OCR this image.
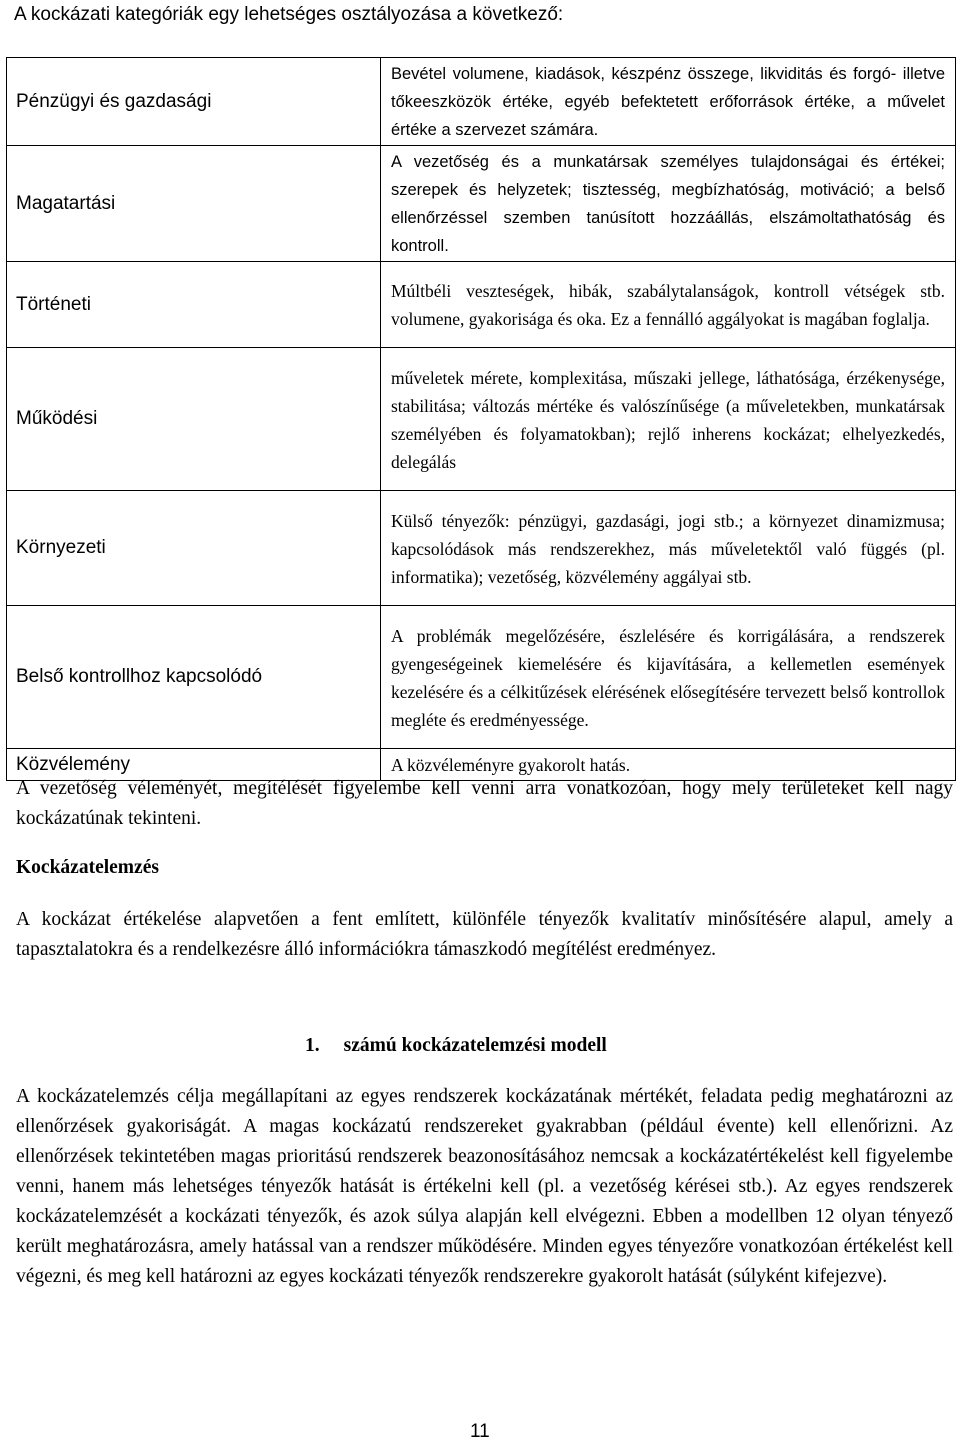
A kockázati kategóriák egy lehetséges osztályozása a következő:
Pénzügyi és gazdasági	Bevétel volumene, kiadások, készpénz összege, likviditás és forgó- illetve tőkeeszközök értéke, egyéb befektetett erőforrások értéke, a művelet értéke a szervezet számára.
Magatartási	A vezetőség és a munkatársak személyes tulajdonságai és értékei; szerepek és helyzetek; tisztesség, megbízhatóság, motiváció; a belső ellenőrzéssel szemben tanúsított hozzáállás, elszámoltathatóság és kontroll.
Történeti	Múltbéli veszteségek, hibák, szabálytalanságok, kontroll vétségek stb. volumene, gyakorisága és oka. Ez a fennálló aggályokat is magában foglalja.
Működési	műveletek mérete, komplexitása, műszaki jellege, láthatósága, érzékenysége, stabilitása; változás mértéke és valószínűsége (a műveletekben, munkatársak személyében és folyamatokban); rejlő inherens kockázat; elhelyezkedés, delegálás
Környezeti	Külső tényezők: pénzügyi, gazdasági, jogi stb.; a környezet dinamizmusa; kapcsolódások más rendszerekhez, más műveletektől való függés (pl. informatika); vezetőség, közvélemény aggályai stb.
Belső kontrollhoz kapcsolódó	A problémák megelőzésére, észlelésére és korrigálására, a rendszerek gyengeségeinek kiemelésére és kijavítására, a kellemetlen események kezelésére és a célkitűzések elérésének elősegítésére tervezett belső kontrollok megléte és eredményessége.
Közvélemény	A közvéleményre gyakorolt hatás.

A vezetőség véleményét, megítélését figyelembe kell venni arra vonatkozóan, hogy mely területeket kell nagy kockázatúnak tekinteni.

Kockázatelemzés

A kockázat értékelése alapvetően a fent említett, különféle tényezők kvalitatív minősítésére alapul, amely a tapasztalatokra és a rendelkezésre álló információkra támaszkodó megítélést eredményez.

1. számú kockázatelemzési modell

A kockázatelemzés célja megállapítani az egyes rendszerek kockázatának mértékét, feladata pedig meghatározni az ellenőrzések gyakoriságát. A magas kockázatú rendszereket gyakrabban (például évente) kell ellenőrizni. Az ellenőrzések tekintetében magas prioritású rendszerek beazonosításához nemcsak a kockázatértékelést kell figyelembe venni, hanem más lehetséges tényezők hatását is értékelni kell (pl. a vezetőség kérései stb.). Az egyes rendszerek kockázatelemzését a kockázati tényezők, és azok súlya alapján kell elvégezni. Ebben a modellben 12 olyan tényező került meghatározásra, amely hatással van a rendszer működésére. Minden egyes tényezőre vonatkozóan értékelést kell végezni, és meg kell határozni az egyes kockázati tényezők rendszerekre gyakorolt hatását (súlyként kifejezve).

11
